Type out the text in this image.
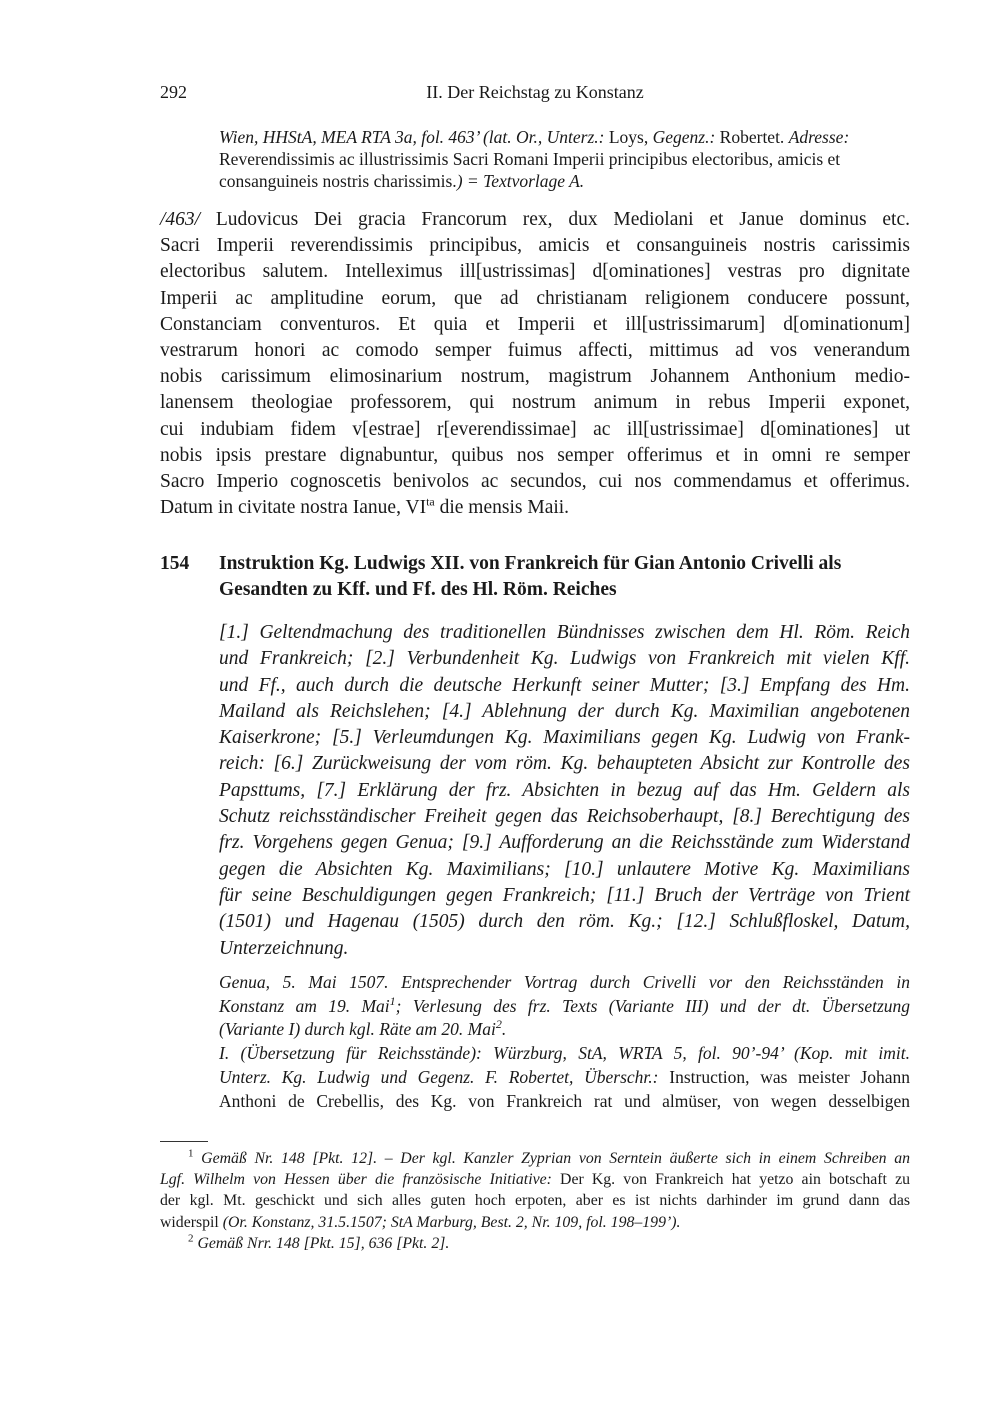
292	II. Der Reichstag zu Konstanz
Wien, HHStA, MEA RTA 3a, fol. 463’ (lat. Or., Unterz.: Loys, Gegenz.: Robertet. Adresse:
Reverendissimis ac illustrissimis Sacri Romani Imperii principibus electoribus, amicis et
consanguineis nostris charissimis.) = Textvorlage A.
/463/ Ludovicus Dei gracia Francorum rex, dux Mediolani et Janue dominus etc.
Sacri Imperii reverendissimis principibus, amicis et consanguineis nostris carissimis
electoribus salutem. Intelleximus ill[ustrissimas] d[ominationes] vestras pro dignitate
Imperii ac amplitudine eorum, que ad christianam religionem conducere possunt,
Constanciam conventuros. Et quia et Imperii et ill[ustrissimarum] d[ominationum]
vestrarum honori ac comodo semper fuimus affecti, mittimus ad vos venerandum
nobis carissimum elimosinarium nostrum, magistrum Johannem Anthonium medio-
lanensem theologiae professorem, qui nostrum animum in rebus Imperii exponet,
cui indubiam fidem v[estrae] r[everendissimae] ac ill[ustrissimae] d[ominationes] ut
nobis ipsis prestare dignabuntur, quibus nos semper offerimus et in omni re semper
Sacro Imperio cognoscetis benivolos ac secundos, cui nos commendamus et offerimus.
Datum in civitate nostra Ianue, $VI^{ta}$ die mensis Maii.
154 Instruktion Kg. Ludwigs XII. von Frankreich für Gian Antonio Crivelli als
Gesandten zu Kff. und Ff. des Hl. Röm. Reiches
[1.] Geltendmachung des traditionellen Bündnisses zwischen dem Hl. Röm. Reich
und Frankreich; [2.] Verbundenheit Kg. Ludwigs von Frankreich mit vielen Kff.
und Ff., auch durch die deutsche Herkunft seiner Mutter; [3.] Empfang des Hm.
Mailand als Reichslehen; [4.] Ablehnung der durch Kg. Maximilian angebotenen
Kaiserkrone; [5.] Verleumdungen Kg. Maximilians gegen Kg. Ludwig von Frank-
reich: [6.] Zurückweisung der vom röm. Kg. behaupteten Absicht zur Kontrolle des
Papsttums, [7.] Erklärung der frz. Absichten in bezug auf das Hm. Geldern als
Schutz reichsständischer Freiheit gegen das Reichsoberhaupt, [8.] Berechtigung des
frz. Vorgehens gegen Genua; [9.] Aufforderung an die Reichsstände zum Widerstand
gegen die Absichten Kg. Maximilians; [10.] unlautere Motive Kg. Maximilians
für seine Beschuldigungen gegen Frankreich; [11.] Bruch der Verträge von Trient
(1501) und Hagenau (1505) durch den röm. Kg.; [12.] Schlußfloskel, Datum,
Unterzeichnung.
Genua, 5. Mai 1507. Entsprechender Vortrag durch Crivelli vor den Reichsständen in
Konstanz am 19. Mai$^1$; Verlesung des frz. Texts (Variante III) und der dt. Übersetzung
(Variante I) durch kgl. Räte am 20. Mai$^2$.
I. (Übersetzung für Reichsstände): Würzburg, StA, WRTA 5, fol. 90’-94’ (Kop. mit imit.
Unterz. Kg. Ludwig und Gegenz. F. Robertet, Überschr.: Instruction, was meister Johann
Anthoni de Crebellis, des Kg. von Frankreich rat und almüser, von wegen desselbigen
$^1$ Gemäß Nr. 148 [Pkt. 12]. – Der kgl. Kanzler Zyprian von Serntein äußerte sich in einem Schreiben an
Lgf. Wilhelm von Hessen über die französische Initiative: Der Kg. von Frankreich hat yetzo ain botschaft zu
der kgl. Mt. geschickt und sich alles guten hoch erpoten, aber es ist nichts darhinder im grund dann das
widerspil (Or. Konstanz, 31.5.1507; StA Marburg, Best. 2, Nr. 109, fol. 198–199’).
$^2$ Gemäß Nrr. 148 [Pkt. 15], 636 [Pkt. 2].
